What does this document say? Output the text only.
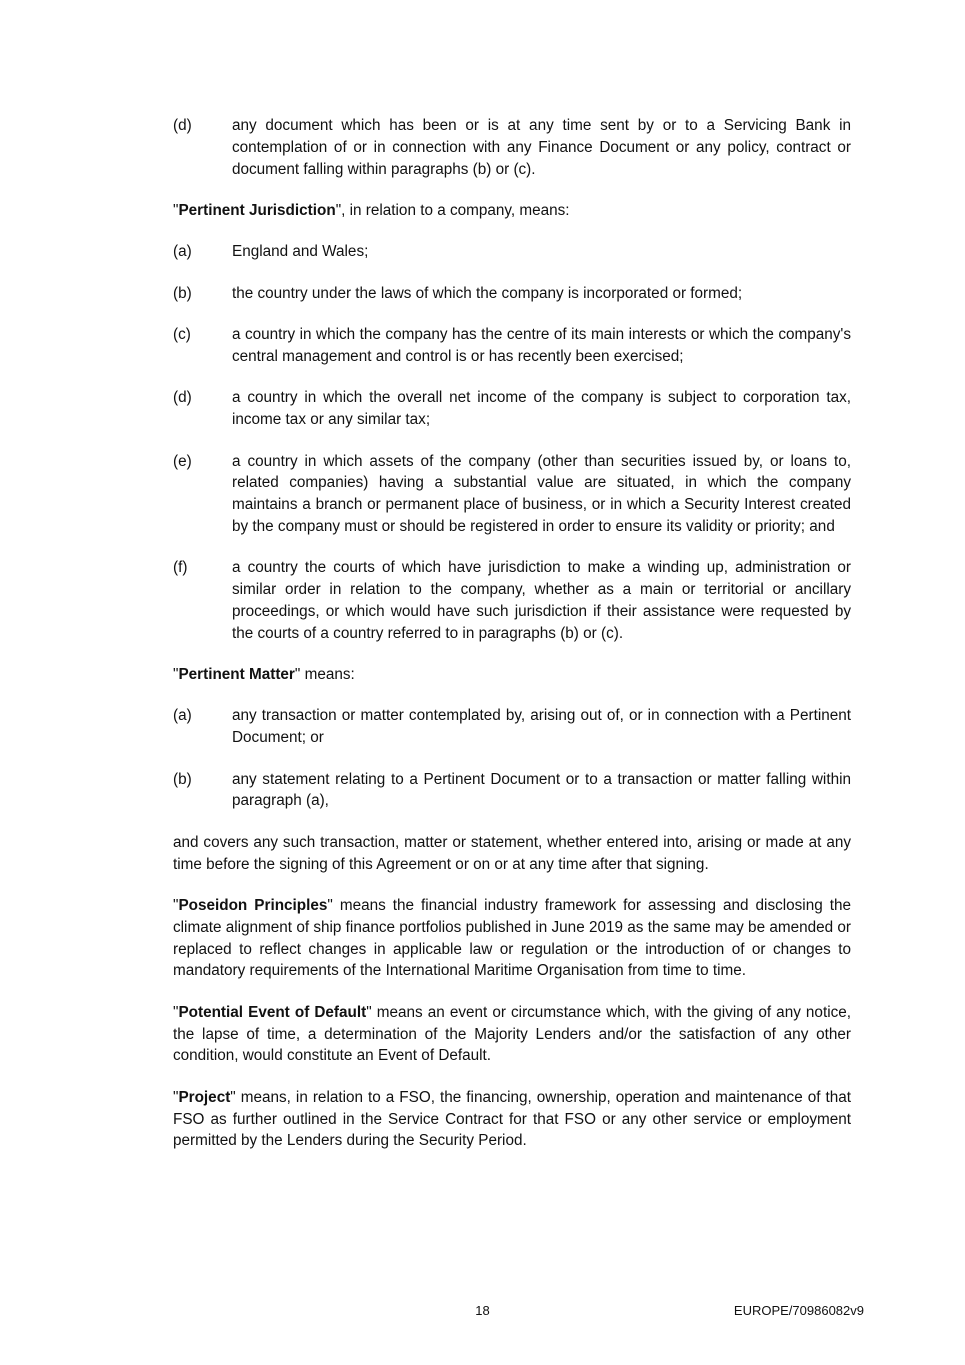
(d)	any document which has been or is at any time sent by or to a Servicing Bank in contemplation of or in connection with any Finance Document or any policy, contract or document falling within paragraphs (b) or (c).
"Pertinent Jurisdiction", in relation to a company, means:
(a)	England and Wales;
(b)	the country under the laws of which the company is incorporated or formed;
(c)	a country in which the company has the centre of its main interests or which the company's central management and control is or has recently been exercised;
(d)	a country in which the overall net income of the company is subject to corporation tax, income tax or any similar tax;
(e)	a country in which assets of the company (other than securities issued by, or loans to, related companies) having a substantial value are situated, in which the company maintains a branch or permanent place of business, or in which a Security Interest created by the company must or should be registered in order to ensure its validity or priority; and
(f)	a country the courts of which have jurisdiction to make a winding up, administration or similar order in relation to the company, whether as a main or territorial or ancillary proceedings, or which would have such jurisdiction if their assistance were requested by the courts of a country referred to in paragraphs (b) or (c).
"Pertinent Matter" means:
(a)	any transaction or matter contemplated by, arising out of, or in connection with a Pertinent Document; or
(b)	any statement relating to a Pertinent Document or to a transaction or matter falling within paragraph (a),
and covers any such transaction, matter or statement, whether entered into, arising or made at any time before the signing of this Agreement or on or at any time after that signing.
"Poseidon Principles" means the financial industry framework for assessing and disclosing the climate alignment of ship finance portfolios published in June 2019 as the same may be amended or replaced to reflect changes in applicable law or regulation or the introduction of or changes to mandatory requirements of the International Maritime Organisation from time to time.
"Potential Event of Default" means an event or circumstance which, with the giving of any notice, the lapse of time, a determination of the Majority Lenders and/or the satisfaction of any other condition, would constitute an Event of Default.
"Project" means, in relation to a FSO, the financing, ownership, operation and maintenance of that FSO as further outlined in the Service Contract for that FSO or any other service or employment permitted by the Lenders during the Security Period.
18	EUROPE/70986082v9
